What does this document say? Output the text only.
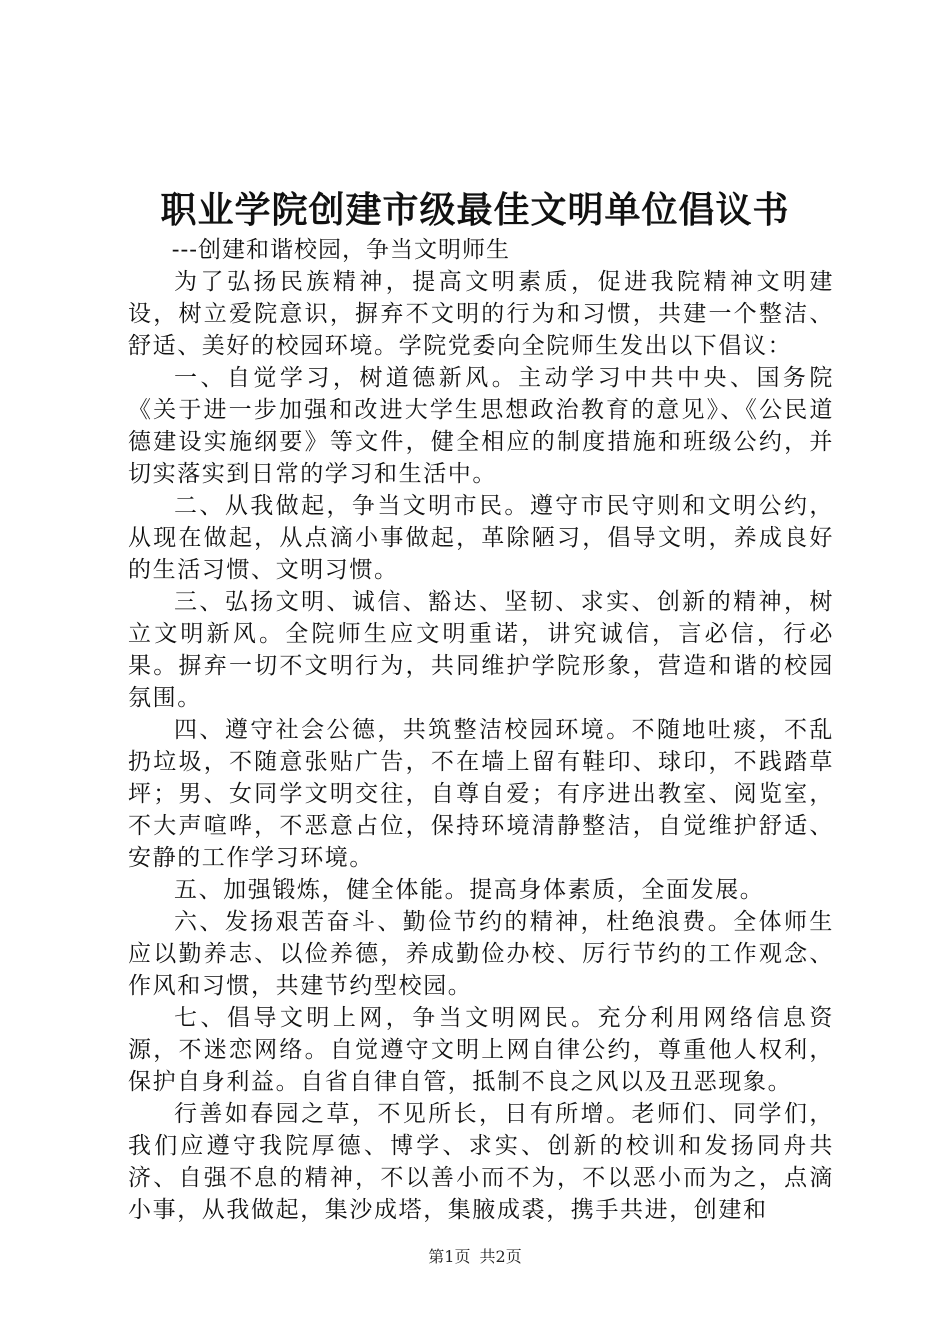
职业学院创建市级最佳文明单位倡议书

---创建和谐校园，争当文明师生

为了弘扬民族精神，提高文明素质，促进我院精神文明建设，树立爱院意识，摒弃不文明的行为和习惯，共建一个整洁、舒适、美好的校园环境。学院党委向全院师生发出以下倡议：

一、自觉学习，树道德新风。主动学习中共中央、国务院《关于进一步加强和改进大学生思想政治教育的意见》、《公民道德建设实施纲要》等文件，健全相应的制度措施和班级公约，并切实落实到日常的学习和生活中。

二、从我做起，争当文明市民。遵守市民守则和文明公约，从现在做起，从点滴小事做起，革除陋习，倡导文明，养成良好的生活习惯、文明习惯。

三、弘扬文明、诚信、豁达、坚韧、求实、创新的精神，树立文明新风。全院师生应文明重诺，讲究诚信，言必信，行必果。摒弃一切不文明行为，共同维护学院形象，营造和谐的校园氛围。

四、遵守社会公德，共筑整洁校园环境。不随地吐痰，不乱扔垃圾，不随意张贴广告，不在墙上留有鞋印、球印，不践踏草坪；男、女同学文明交往，自尊自爱；有序进出教室、阅览室，不大声喧哗，不恶意占位，保持环境清静整洁，自觉维护舒适、安静的工作学习环境。

五、加强锻炼，健全体能。提高身体素质，全面发展。

六、发扬艰苦奋斗、勤俭节约的精神，杜绝浪费。全体师生应以勤养志、以俭养德，养成勤俭办校、厉行节约的工作观念、作风和习惯，共建节约型校园。

七、倡导文明上网，争当文明网民。充分利用网络信息资源，不迷恋网络。自觉遵守文明上网自律公约，尊重他人权利，保护自身利益。自省自律自管，抵制不良之风以及丑恶现象。

行善如春园之草，不见所长，日有所增。老师们、同学们，我们应遵守我院厚德、博学、求实、创新的校训和发扬同舟共济、自强不息的精神，不以善小而不为，不以恶小而为之，点滴小事，从我做起，集沙成塔，集腋成裘，携手共进，创建和

第1页 共2页
